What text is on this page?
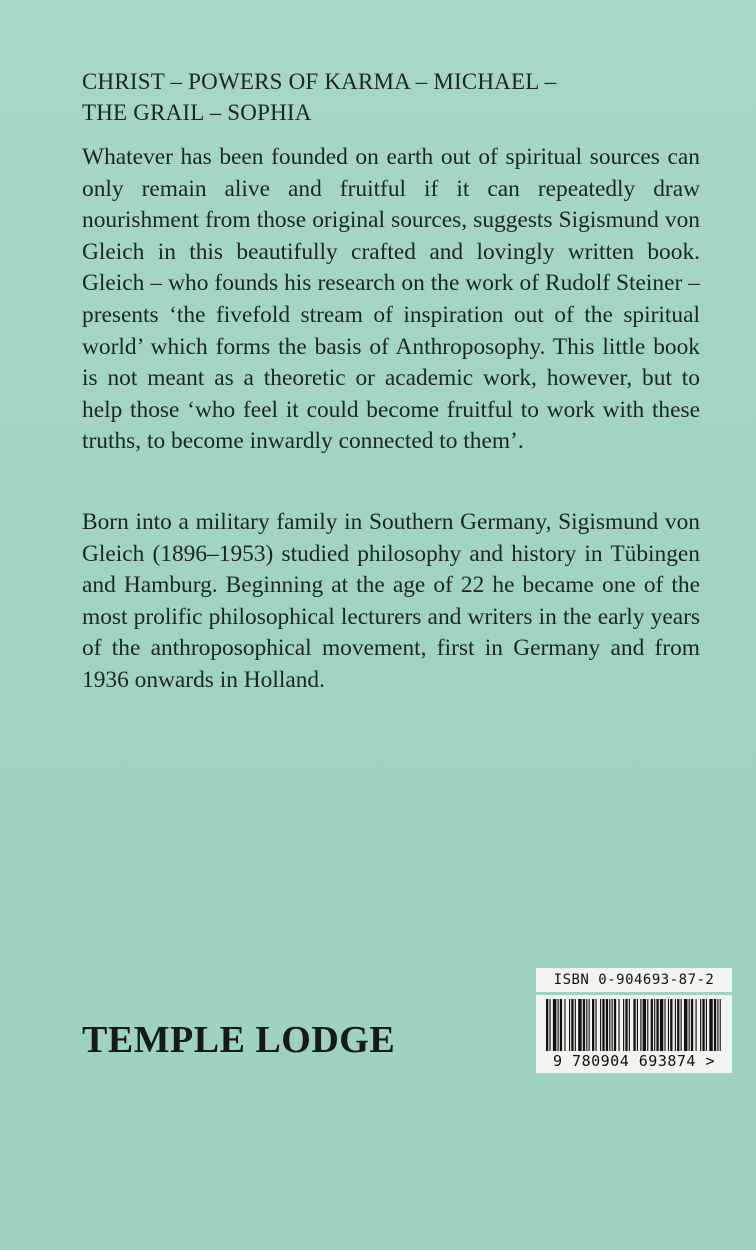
CHRIST – POWERS OF KARMA – MICHAEL –
THE GRAIL – SOPHIA

Whatever has been founded on earth out of spiritual sources can only remain alive and fruitful if it can repeatedly draw nourishment from those original sources, suggests Sigismund von Gleich in this beautifully crafted and lovingly written book. Gleich – who founds his research on the work of Rudolf Steiner – presents ‘the fivefold stream of inspiration out of the spiritual world’ which forms the basis of Anthroposophy. This little book is not meant as a theoretic or academic work, however, but to help those ‘who feel it could become fruitful to work with these truths, to become inwardly connected to them’.

Born into a military family in Southern Germany, Sigismund von Gleich (1896–1953) studied philosophy and history in Tübingen and Hamburg. Beginning at the age of 22 he became one of the most prolific philosophical lecturers and writers in the early years of the anthroposophical movement, first in Germany and from 1936 onwards in Holland.

TEMPLE LODGE
ISBN 0-904693-87-2
9 780904 693874 >
